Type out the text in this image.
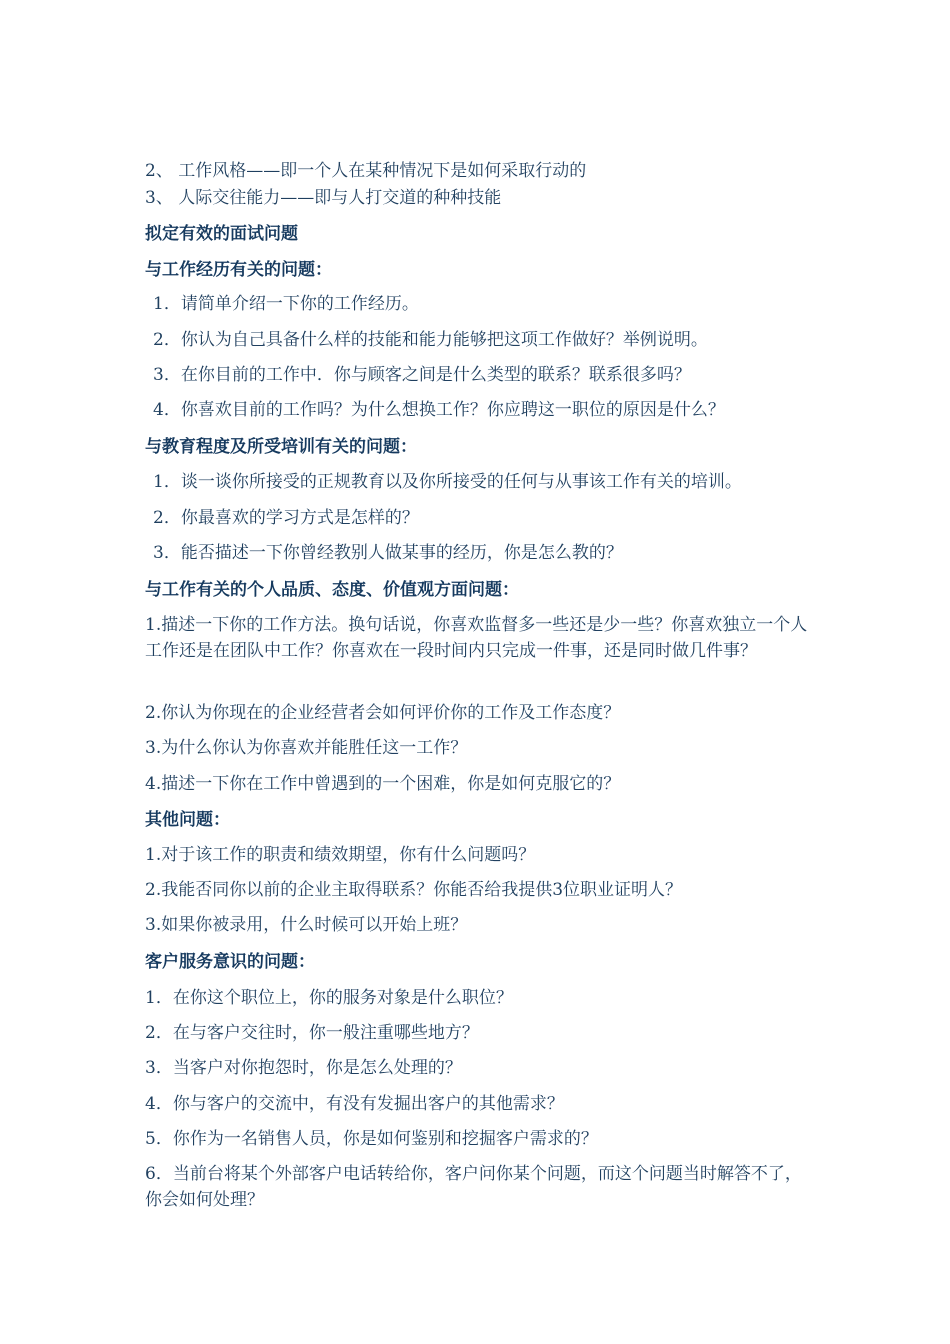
2、 工作风格——即一个人在某种情况下是如何采取行动的
3、 人际交往能力——即与人打交道的种种技能
拟定有效的面试问题
与工作经历有关的问题：
1．请简单介绍一下你的工作经历。
2．你认为自己具备什么样的技能和能力能够把这项工作做好？举例说明。
3．在你目前的工作中．你与顾客之间是什么类型的联系？联系很多吗？
4．你喜欢目前的工作吗？为什么想换工作？你应聘这一职位的原因是什么？
与教育程度及所受培训有关的问题：
1．谈一谈你所接受的正规教育以及你所接受的任何与从事该工作有关的培训。
2．你最喜欢的学习方式是怎样的？
3．能否描述一下你曾经教别人做某事的经历，你是怎么教的？
与工作有关的个人品质、态度、价值观方面问题：
1.描述一下你的工作方法。换句话说，你喜欢监督多一些还是少一些？你喜欢独立一个人工作还是在团队中工作？你喜欢在一段时间内只完成一件事，还是同时做几件事？
2.你认为你现在的企业经营者会如何评价你的工作及工作态度？
3.为什么你认为你喜欢并能胜任这一工作？
4.描述一下你在工作中曾遇到的一个困难，你是如何克服它的？
其他问题：
1.对于该工作的职责和绩效期望，你有什么问题吗？
2.我能否同你以前的企业主取得联系？你能否给我提供3位职业证明人？
3.如果你被录用，什么时候可以开始上班？
客户服务意识的问题：
1．在你这个职位上，你的服务对象是什么职位？
2．在与客户交往时，你一般注重哪些地方？
3．当客户对你抱怨时，你是怎么处理的？
4．你与客户的交流中，有没有发掘出客户的其他需求？
5．你作为一名销售人员，你是如何鉴别和挖掘客户需求的？
6．当前台将某个外部客户电话转给你，客户问你某个问题，而这个问题当时解答不了，你会如何处理？
